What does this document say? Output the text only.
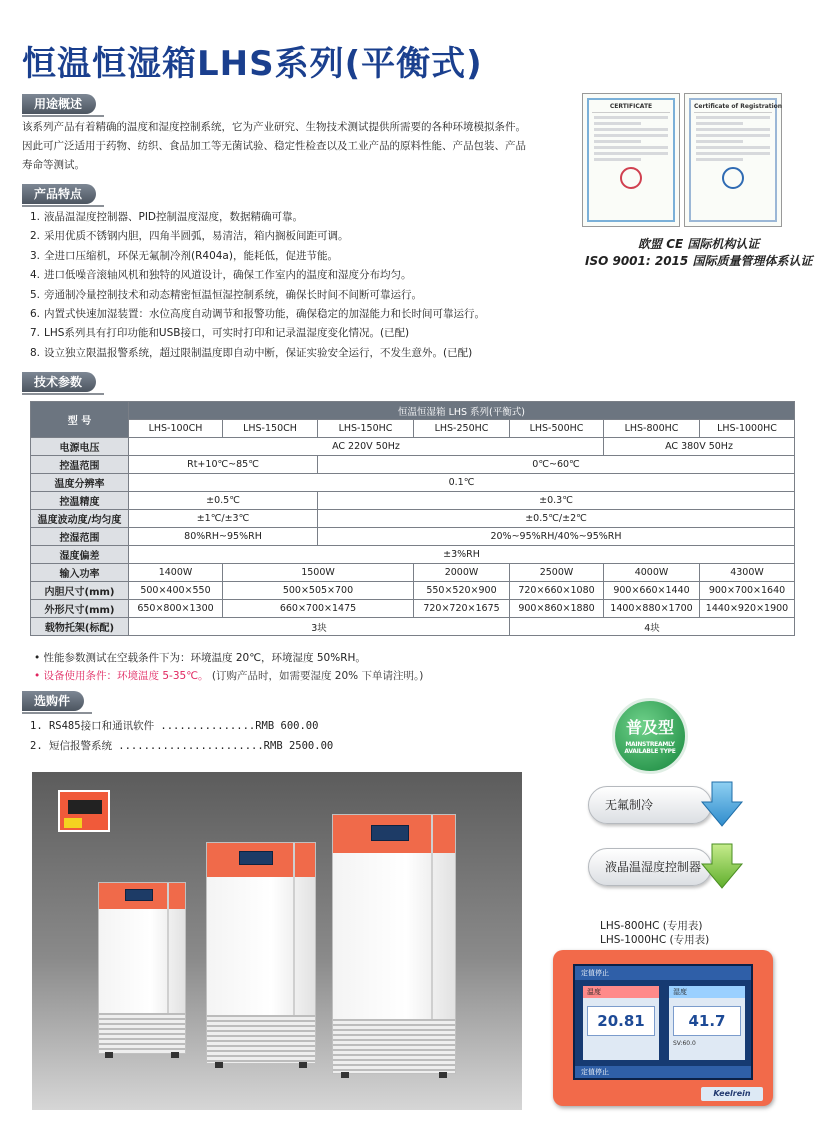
恒温恒湿箱LHS系列(平衡式)
用途概述
该系列产品有着精确的温度和湿度控制系统，它为产业研究、生物技术测试提供所需要的各种环境模拟条件。因此可广泛适用于药物、纺织、食品加工等无菌试验、稳定性检查以及工业产品的原料性能、产品包装、产品寿命等测试。
CERTIFICATE	Certificate of Registration
欧盟 CE 国际机构认证
ISO 9001: 2015 国际质量管理体系认证
产品特点
1. 液晶温湿度控制器、PID控制温度湿度，数据精确可靠。
2. 采用优质不锈钢内胆，四角半圆弧，易清洁，箱内搁板间距可调。
3. 全进口压缩机，环保无氟制冷剂(R404a)，能耗低，促进节能。
4. 进口低噪音滚轴风机和独特的风道设计，确保工作室内的温度和湿度分布均匀。
5. 旁通制冷量控制技术和动态精密恒温恒湿控制系统，确保长时间不间断可靠运行。
6. 内置式快速加湿装置：水位高度自动调节和报警功能，确保稳定的加湿能力和长时间可靠运行。
7. LHS系列具有打印功能和USB接口，可实时打印和记录温湿度变化情况。(已配)
8. 设立独立限温报警系统，超过限制温度即自动中断，保证实验安全运行，不发生意外。(已配)
技术参数
型 号	恒温恒湿箱 LHS 系列(平衡式)						
	LHS-100CH	LHS-150CH	LHS-150HC	LHS-250HC	LHS-500HC	LHS-800HC	LHS-1000HC
电源电压	AC 220V 50Hz					AC 380V 50Hz	
控温范围	Rt+10℃~85℃		0℃~60℃				
温度分辨率	0.1℃						
控温精度	±0.5℃		±0.3℃				
温度波动度/均匀度	±1℃/±3℃		±0.5℃/±2℃				
控湿范围	80%RH~95%RH		20%~95%RH/40%~95%RH				
湿度偏差	±3%RH						
输入功率	1400W	1500W		2000W	2500W	4000W	4300W
内胆尺寸(mm)	500×400×550	500×505×700		550×520×900	720×660×1080	900×660×1440	900×700×1640
外形尺寸(mm)	650×800×1300	660×700×1475		720×720×1675	900×860×1880	1400×880×1700	1440×920×1900
载物托架(标配)	3块				4块		
• 性能参数测试在空载条件下为：环境温度 20℃，环境湿度 50%RH。
• 设备使用条件：环境温度 5-35℃。 (订购产品时，如需要湿度 20% 下单请注明。)
选购件
1. RS485接口和通讯软件 ...............RMB 600.00
2. 短信报警系统 .......................RMB 2500.00
普及型
MAINSTREAMLY AVAILABLE TYPE
无氟制冷
液晶温湿度控制器
LHS-800HC (专用表)
LHS-1000HC (专用表)
定值停止
温度
20.81
湿度
41.7
SV:60.0
定值停止
Keelrein
